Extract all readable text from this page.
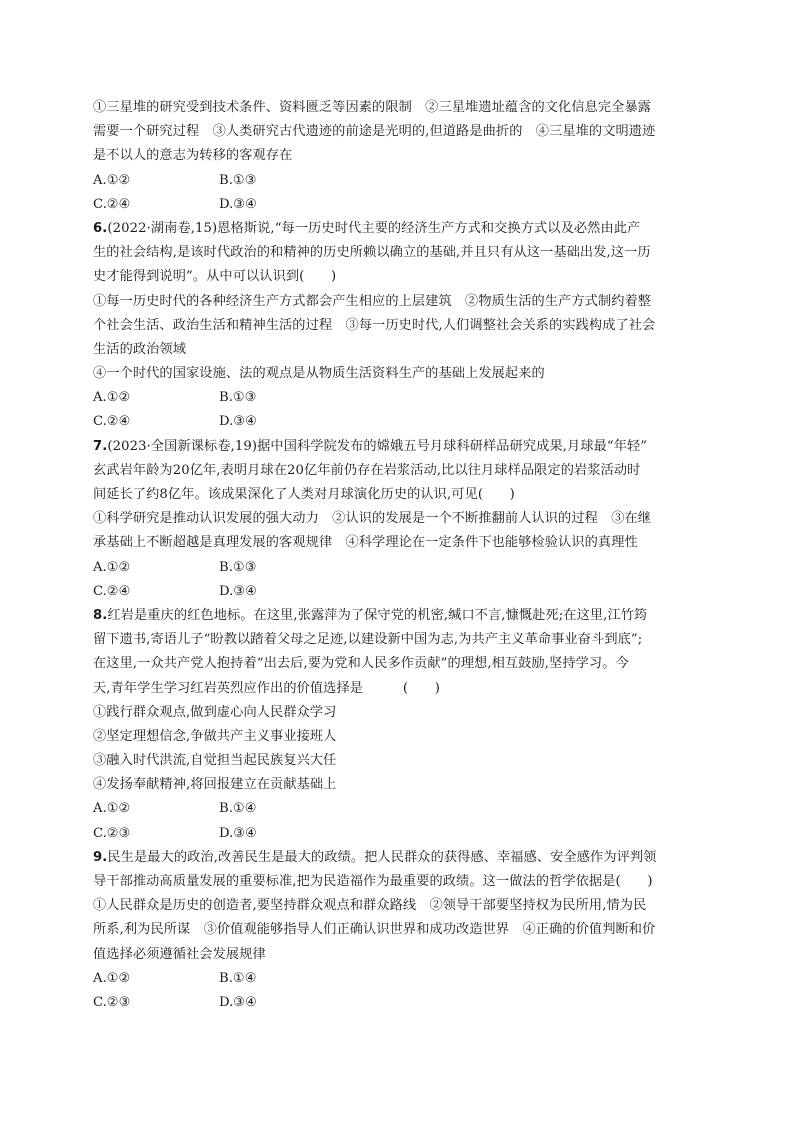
①三星堆的研究受到技术条件、资料匮乏等因素的限制　②三星堆遗址蕴含的文化信息完全暴露
需要一个研究过程　③人类研究古代遗迹的前途是光明的,但道路是曲折的　④三星堆的文明遗迹
是不以人的意志为转移的客观存在
A.①②	B.①③
C.②④	D.③④
6.(2022·湖南卷,15)恩格斯说,“每一历史时代主要的经济生产方式和交换方式以及必然由此产
生的社会结构,是该时代政治的和精神的历史所赖以确立的基础,并且只有从这一基础出发,这一历
史才能得到说明”。从中可以认识到(　　)
①每一历史时代的各种经济生产方式都会产生相应的上层建筑　②物质生活的生产方式制约着整
个社会生活、政治生活和精神生活的过程　③每一历史时代,人们调整社会关系的实践构成了社会
生活的政治领域
④一个时代的国家设施、法的观点是从物质生活资料生产的基础上发展起来的
A.①②	B.①③
C.②④	D.③④
7.(2023·全国新课标卷,19)据中国科学院发布的嫦娥五号月球科研样品研究成果,月球最“年轻”
玄武岩年龄为20亿年,表明月球在20亿年前仍存在岩浆活动,比以往月球样品限定的岩浆活动时
间延长了约8亿年。该成果深化了人类对月球演化历史的认识,可见(　　)
①科学研究是推动认识发展的强大动力　②认识的发展是一个不断推翻前人认识的过程　③在继
承基础上不断超越是真理发展的客观规律　④科学理论在一定条件下也能够检验认识的真理性
A.①②	B.①③
C.②④	D.③④
8.红岩是重庆的红色地标。在这里,张露萍为了保守党的机密,缄口不言,慷慨赴死;在这里,江竹筠
留下遗书,寄语儿子“盼教以踏着父母之足迹,以建设新中国为志,为共产主义革命事业奋斗到底”;
在这里,一众共产党人抱持着“出去后,要为党和人民多作贡献”的理想,相互鼓励,坚持学习。今
天,青年学生学习红岩英烈应作出的价值选择是　　　(　　)
①践行群众观点,做到虚心向人民群众学习
②坚定理想信念,争做共产主义事业接班人
③融入时代洪流,自觉担当起民族复兴大任
④发扬奉献精神,将回报建立在贡献基础上
A.①②	B.①④
C.②③	D.③④
9.民生是最大的政治,改善民生是最大的政绩。把人民群众的获得感、幸福感、安全感作为评判领
导干部推动高质量发展的重要标准,把为民造福作为最重要的政绩。这一做法的哲学依据是(　　)
①人民群众是历史的创造者,要坚持群众观点和群众路线　②领导干部要坚持权为民所用,情为民
所系,利为民所谋　③价值观能够指导人们正确认识世界和成功改造世界　④正确的价值判断和价
值选择必须遵循社会发展规律
A.①②	B.①④
C.②③	D.③④
